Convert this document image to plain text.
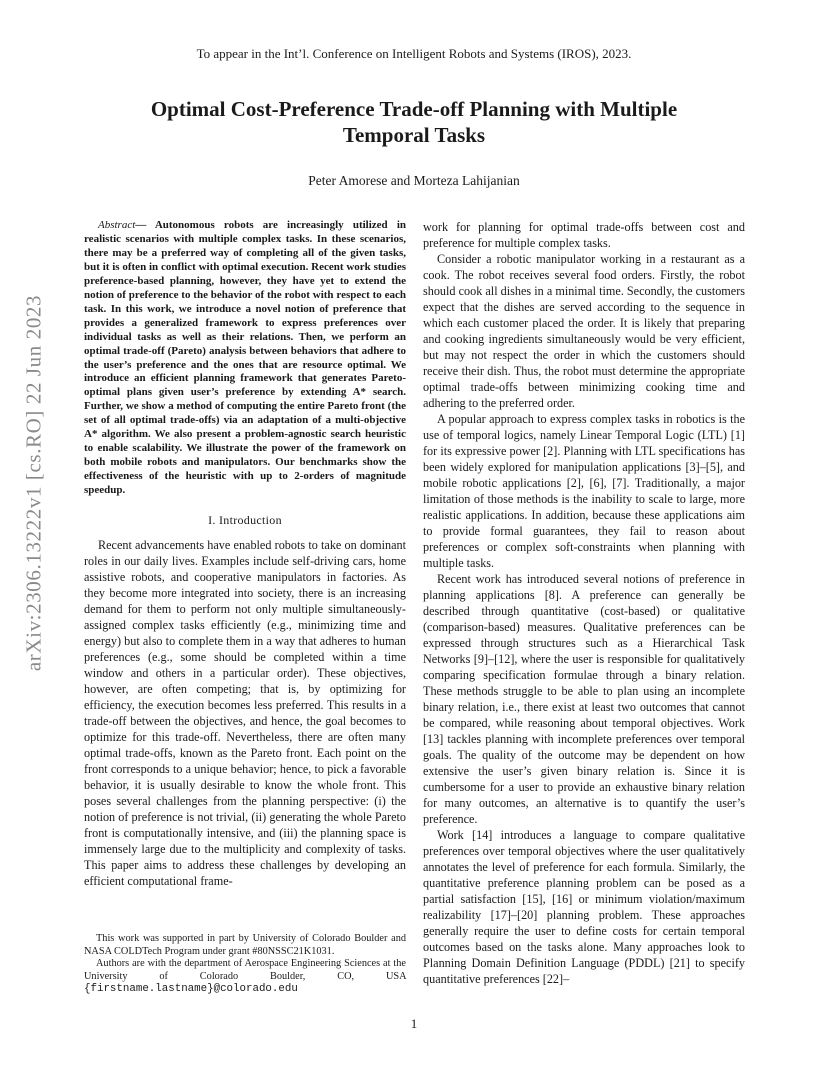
To appear in the Int’l. Conference on Intelligent Robots and Systems (IROS), 2023.
arXiv:2306.13222v1 [cs.RO] 22 Jun 2023
Optimal Cost-Preference Trade-off Planning with Multiple Temporal Tasks
Peter Amorese and Morteza Lahijanian

Abstract— Autonomous robots are increasingly utilized in realistic scenarios with multiple complex tasks. In these scenarios, there may be a preferred way of completing all of the given tasks, but it is often in conflict with optimal execution. Recent work studies preference-based planning, however, they have yet to extend the notion of preference to the behavior of the robot with respect to each task. In this work, we introduce a novel notion of preference that provides a generalized framework to express preferences over individual tasks as well as their relations. Then, we perform an optimal trade-off (Pareto) analysis between behaviors that adhere to the user’s preference and the ones that are resource optimal. We introduce an efficient planning framework that generates Pareto-optimal plans given user’s preference by extending A* search. Further, we show a method of computing the entire Pareto front (the set of all optimal trade-offs) via an adaptation of a multi-objective A* algorithm. We also present a problem-agnostic search heuristic to enable scalability. We illustrate the power of the framework on both mobile robots and manipulators. Our benchmarks show the effectiveness of the heuristic with up to 2-orders of magnitude speedup.

I. Introduction

Recent advancements have enabled robots to take on dominant roles in our daily lives. Examples include self-driving cars, home assistive robots, and cooperative manipulators in factories. As they become more integrated into society, there is an increasing demand for them to perform not only multiple simultaneously-assigned complex tasks efficiently (e.g., minimizing time and energy) but also to complete them in a way that adheres to human preferences (e.g., some should be completed within a time window and others in a particular order). These objectives, however, are often competing; that is, by optimizing for efficiency, the execution becomes less preferred. This results in a trade-off between the objectives, and hence, the goal becomes to optimize for this trade-off. Nevertheless, there are often many optimal trade-offs, known as the Pareto front. Each point on the front corresponds to a unique behavior; hence, to pick a favorable behavior, it is usually desirable to know the whole front. This poses several challenges from the planning perspective: (i) the notion of preference is not trivial, (ii) generating the whole Pareto front is computationally intensive, and (iii) the planning space is immensely large due to the multiplicity and complexity of tasks. This paper aims to address these challenges by developing an efficient computational frame-

This work was supported in part by University of Colorado Boulder and NASA COLDTech Program under grant #80NSSC21K1031.

Authors are with the department of Aerospace Engineering Sciences at the University of Colorado Boulder, CO, USA {firstname.lastname}@colorado.edu

work for planning for optimal trade-offs between cost and preference for multiple complex tasks.

Consider a robotic manipulator working in a restaurant as a cook. The robot receives several food orders. Firstly, the robot should cook all dishes in a minimal time. Secondly, the customers expect that the dishes are served according to the sequence in which each customer placed the order. It is likely that preparing and cooking ingredients simultaneously would be very efficient, but may not respect the order in which the customers should receive their dish. Thus, the robot must determine the appropriate optimal trade-offs between minimizing cooking time and adhering to the preferred order.

A popular approach to express complex tasks in robotics is the use of temporal logics, namely Linear Temporal Logic (LTL) [1] for its expressive power [2]. Planning with LTL specifications has been widely explored for manipulation applications [3]–[5], and mobile robotic applications [2], [6], [7]. Traditionally, a major limitation of those methods is the inability to scale to large, more realistic applications. In addition, because these applications aim to provide formal guarantees, they fail to reason about preferences or complex soft-constraints when planning with multiple tasks.

Recent work has introduced several notions of preference in planning applications [8]. A preference can generally be described through quantitative (cost-based) or qualitative (comparison-based) measures. Qualitative preferences can be expressed through structures such as a Hierarchical Task Networks [9]–[12], where the user is responsible for qualitatively comparing specification formulae through a binary relation. These methods struggle to be able to plan using an incomplete binary relation, i.e., there exist at least two outcomes that cannot be compared, while reasoning about temporal objectives. Work [13] tackles planning with incomplete preferences over temporal goals. The quality of the outcome may be dependent on how extensive the user’s given binary relation is. Since it is cumbersome for a user to provide an exhaustive binary relation for many outcomes, an alternative is to quantify the user’s preference.

Work [14] introduces a language to compare qualitative preferences over temporal objectives where the user qualitatively annotates the level of preference for each formula. Similarly, the quantitative preference planning problem can be posed as a partial satisfaction [15], [16] or minimum violation/maximum realizability [17]–[20] planning problem. These approaches generally require the user to define costs for certain temporal outcomes based on the tasks alone. Many approaches look to Planning Domain Definition Language (PDDL) [21] to specify quantitative preferences [22]–

1
